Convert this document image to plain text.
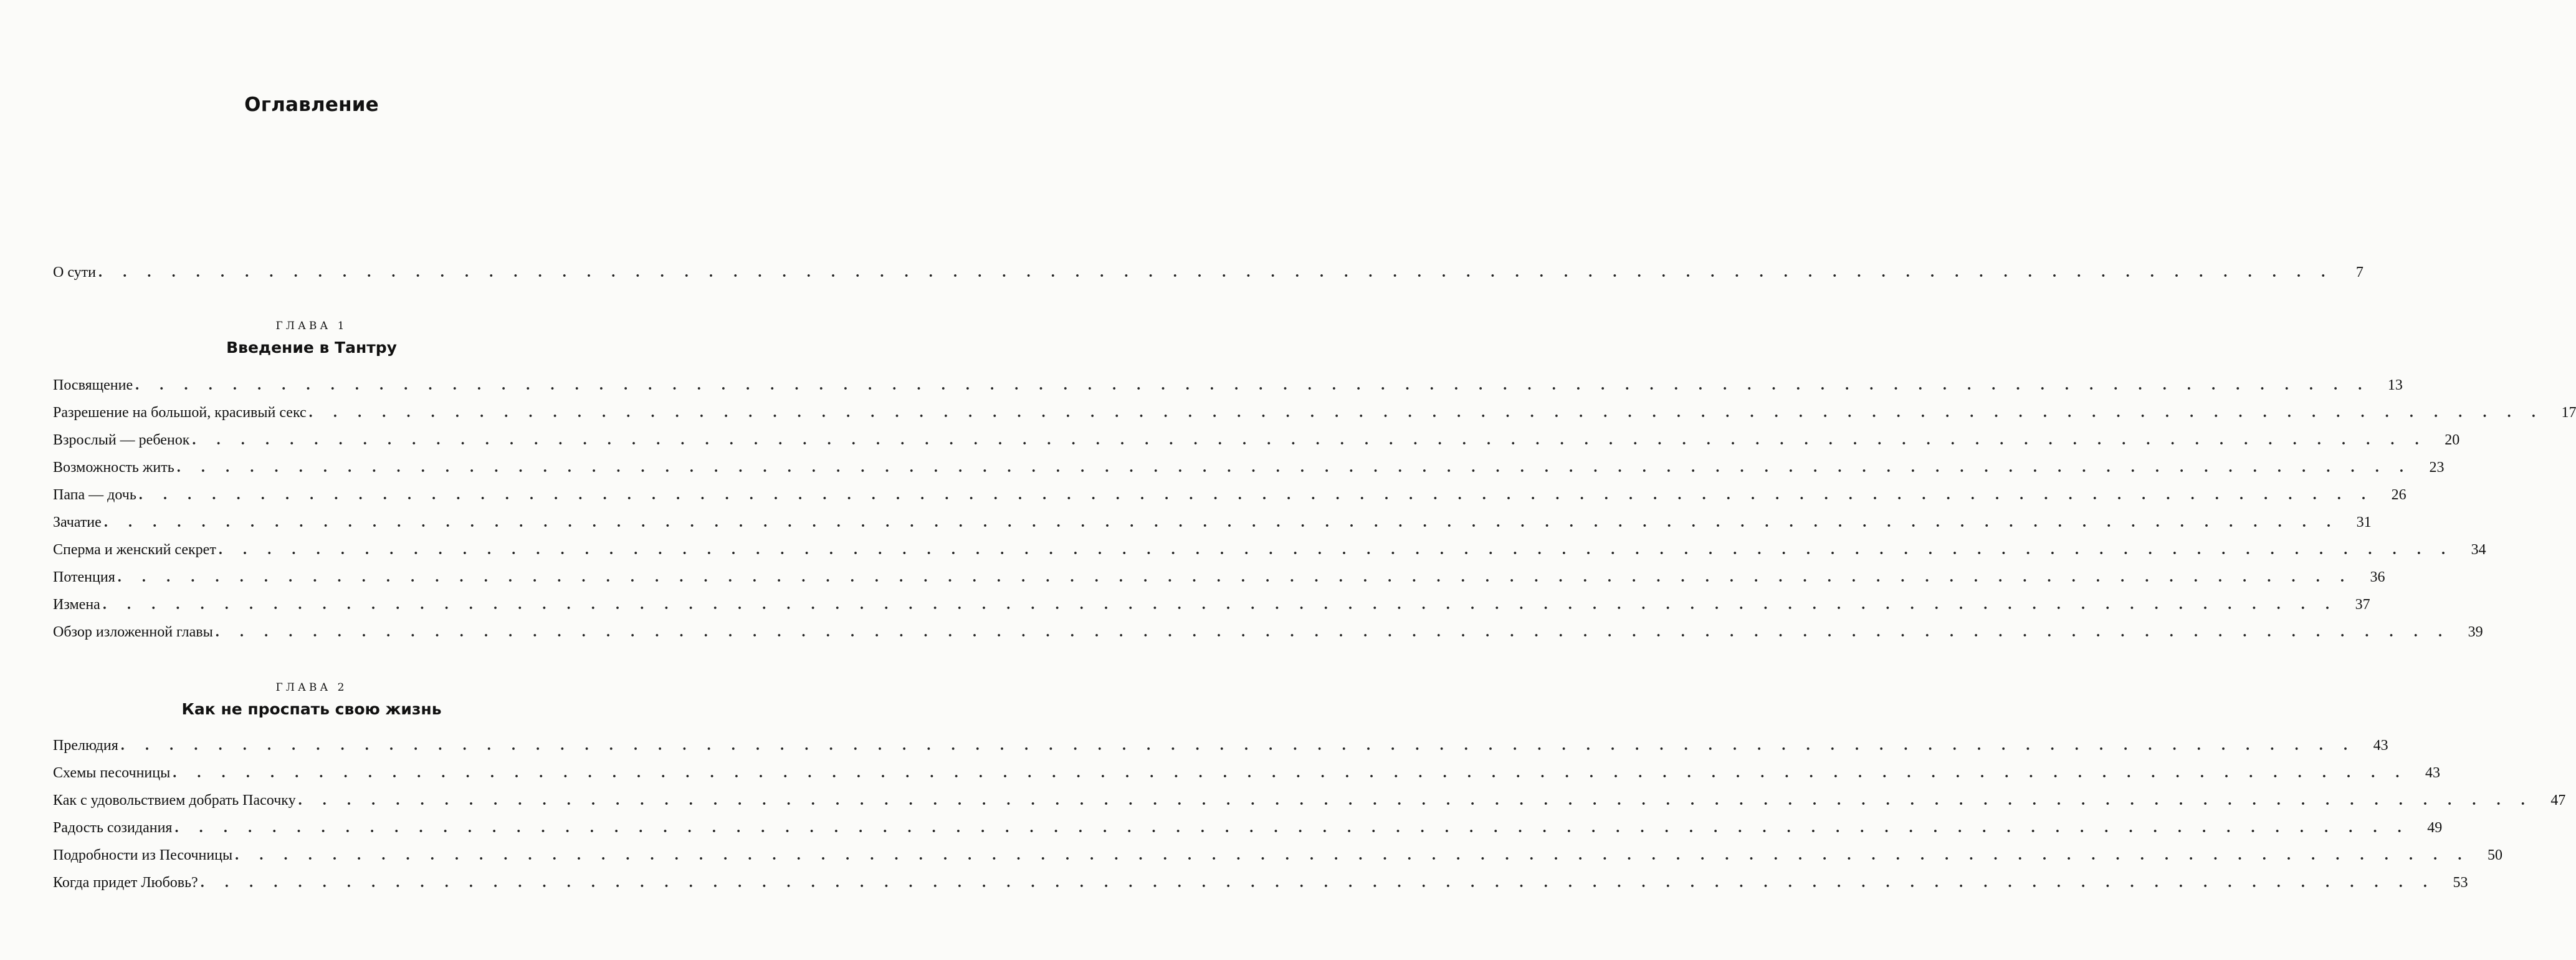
Оглавление
О сути . . . . . . . . . . . . . . . . . . . . . . . . . . . . . . . . . . . . . . . . . . . . . . . . . . . . . . . . . . . . . . . . . . . . . . . . . . . . . . . . . . . . . . . . . . . .	7
ГЛАВА 1
Введение в Тантру
Посвящение . . . . . . . . . . . . . . . . . . . . . . . . . . . . . . . . . . . . . . . . . . . . . . . . . . . . . . . . . . . . . . . . . . . . . . . . . . . . . . . . . . . . . . . . . . . . 13
Разрешение на большой, красивый секс . . . . . . . . . . . . . . . . . . . . . . . . . . . . . . . . . . . . . . . . . . . . . . . . . . . . . . . . . . . . . . . . . . . . . . . . . . . . . . . . . . . . . . . . . . . . 17
Взрослый — ребенок . . . . . . . . . . . . . . . . . . . . . . . . . . . . . . . . . . . . . . . . . . . . . . . . . . . . . . . . . . . . . . . . . . . . . . . . . . . . . . . . . . . . . . . . . . . . 20
Возможность жить . . . . . . . . . . . . . . . . . . . . . . . . . . . . . . . . . . . . . . . . . . . . . . . . . . . . . . . . . . . . . . . . . . . . . . . . . . . . . . . . . . . . . . . . . . . . 23
Папа — дочь . . . . . . . . . . . . . . . . . . . . . . . . . . . . . . . . . . . . . . . . . . . . . . . . . . . . . . . . . . . . . . . . . . . . . . . . . . . . . . . . . . . . . . . . . . . . 26
Зачатие . . . . . . . . . . . . . . . . . . . . . . . . . . . . . . . . . . . . . . . . . . . . . . . . . . . . . . . . . . . . . . . . . . . . . . . . . . . . . . . . . . . . . . . . . . . . 31
Сперма и женский секрет . . . . . . . . . . . . . . . . . . . . . . . . . . . . . . . . . . . . . . . . . . . . . . . . . . . . . . . . . . . . . . . . . . . . . . . . . . . . . . . . . . . . . . . . . . . . 34
Потенция . . . . . . . . . . . . . . . . . . . . . . . . . . . . . . . . . . . . . . . . . . . . . . . . . . . . . . . . . . . . . . . . . . . . . . . . . . . . . . . . . . . . . . . . . . . . 36
Измена . . . . . . . . . . . . . . . . . . . . . . . . . . . . . . . . . . . . . . . . . . . . . . . . . . . . . . . . . . . . . . . . . . . . . . . . . . . . . . . . . . . . . . . . . . . . 37
Обзор изложенной главы . . . . . . . . . . . . . . . . . . . . . . . . . . . . . . . . . . . . . . . . . . . . . . . . . . . . . . . . . . . . . . . . . . . . . . . . . . . . . . . . . . . . . . . . . . . . 39
ГЛАВА 2
Как не проспать свою жизнь
Прелюдия . . . . . . . . . . . . . . . . . . . . . . . . . . . . . . . . . . . . . . . . . . . . . . . . . . . . . . . . . . . . . . . . . . . . . . . . . . . . . . . . . . . . . . . . . . . . 43
Схемы песочницы . . . . . . . . . . . . . . . . . . . . . . . . . . . . . . . . . . . . . . . . . . . . . . . . . . . . . . . . . . . . . . . . . . . . . . . . . . . . . . . . . . . . . . . . . . . . 43
Как с удовольствием добрать Пасочку . . . . . . . . . . . . . . . . . . . . . . . . . . . . . . . . . . . . . . . . . . . . . . . . . . . . . . . . . . . . . . . . . . . . . . . . . . . . . . . . . . . . . . . . . . . . 47
Радость созидания . . . . . . . . . . . . . . . . . . . . . . . . . . . . . . . . . . . . . . . . . . . . . . . . . . . . . . . . . . . . . . . . . . . . . . . . . . . . . . . . . . . . . . . . . . . . 49
Подробности из Песочницы . . . . . . . . . . . . . . . . . . . . . . . . . . . . . . . . . . . . . . . . . . . . . . . . . . . . . . . . . . . . . . . . . . . . . . . . . . . . . . . . . . . . . . . . . . . . 50
Когда придет Любовь? . . . . . . . . . . . . . . . . . . . . . . . . . . . . . . . . . . . . . . . . . . . . . . . . . . . . . . . . . . . . . . . . . . . . . . . . . . . . . . . . . . . . . . . . . . . . 53
